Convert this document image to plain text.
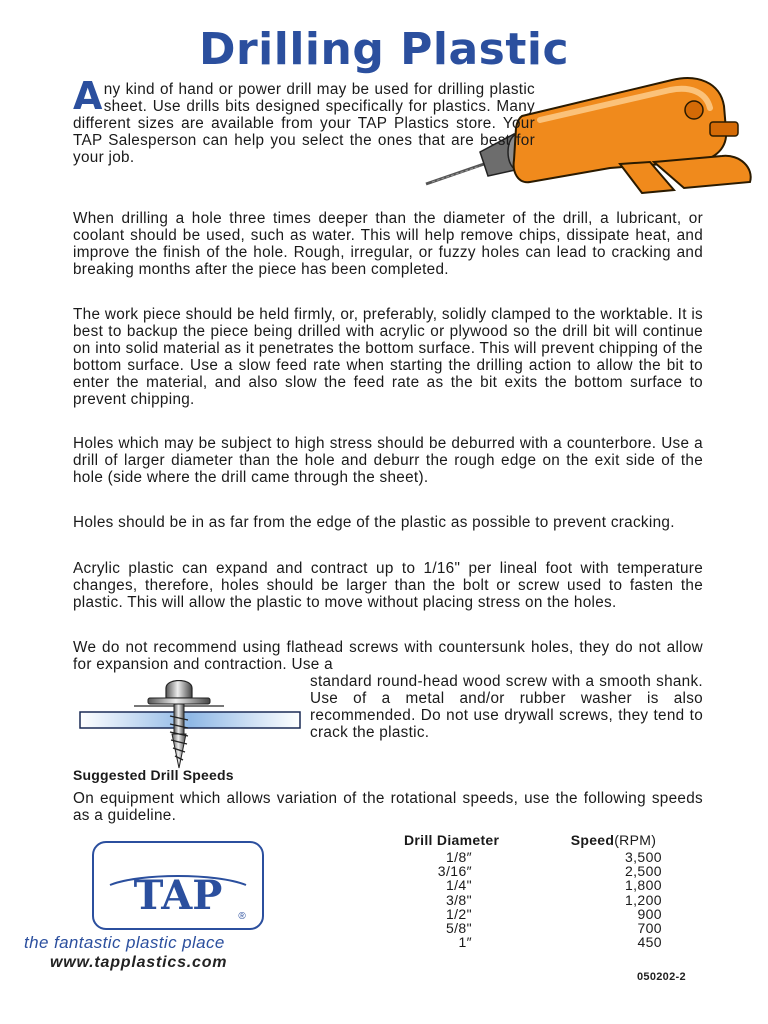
Drilling Plastic

Any kind of hand or power drill may be used for drilling plastic sheet. Use drills bits designed specifically for plastics. Many different sizes are available from your TAP Plastics store. Your TAP Salesperson can help you select the ones that are best for your job.

When drilling a hole three times deeper than the diameter of the drill, a lubricant, or coolant should be used, such as water. This will help remove chips, dissipate heat, and improve the finish of the hole. Rough, irregular, or fuzzy holes can lead to cracking and breaking months after the piece has been completed.

The work piece should be held firmly, or, preferably, solidly clamped to the worktable. It is best to backup the piece being drilled with acrylic or plywood so the drill bit will continue on into solid material as it penetrates the bottom surface. This will prevent chipping of the bottom surface. Use a slow feed rate when starting the drilling action to allow the bit to enter the material, and also slow the feed rate as the bit exits the bottom surface to prevent chipping.

Holes which may be subject to high stress should be deburred with a counterbore. Use a drill of larger diameter than the hole and deburr the rough edge on the exit side of the hole (side where the drill came through the sheet).

Holes should be in as far from the edge of the plastic as possible to prevent cracking.

Acrylic plastic can expand and contract up to 1/16" per lineal foot with temperature changes, therefore, holes should be larger than the bolt or screw used to fasten the plastic. This will allow the plastic to move without placing stress on the holes.

We do not recommend using flathead screws with countersunk holes, they do not allow for expansion and contraction. Use a

standard round-head wood screw with a smooth shank. Use of a metal and/or rubber washer is also recommended. Do not use drywall screws, they tend to crack the plastic.

Suggested Drill Speeds

On equipment which allows variation of the rotational speeds, use the following speeds as a guideline.

Drill Diameter	Speed(RPM)
1/8″	3,500
3/16″	2,500
1/4"	1,800
3/8"	1,200
1/2"	900
5/8"	700
1″	450
TAP ®

the fantastic plastic place

www.tapplastics.com

050202-2
